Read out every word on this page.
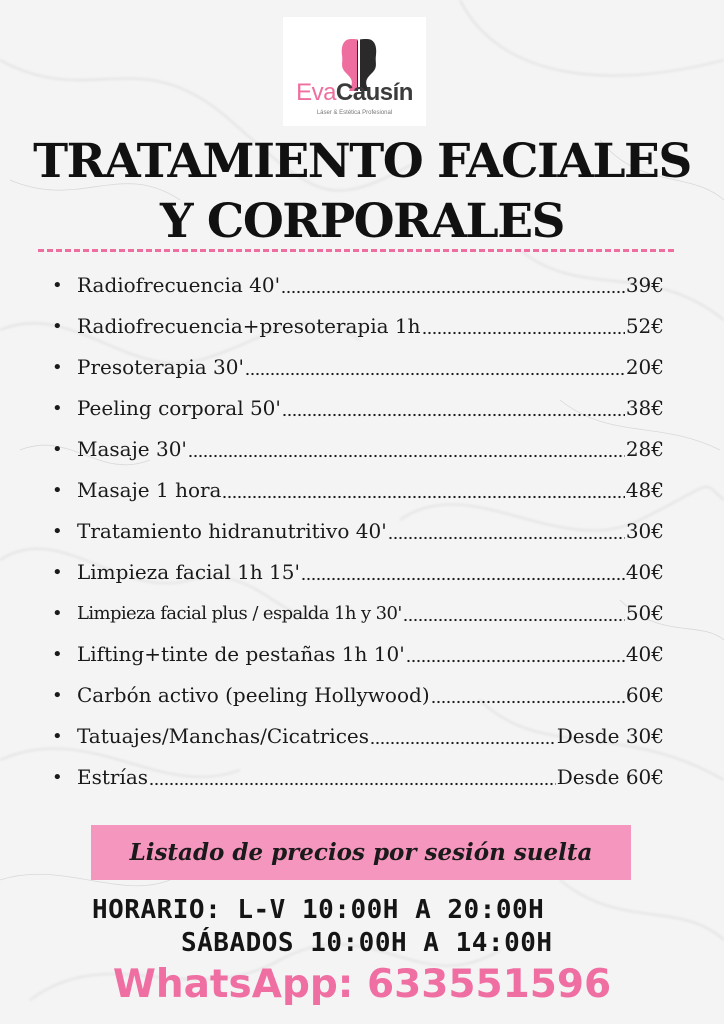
EvaCausín
Láser & Estética Profesional
TRATAMIENTO FACIALES
Y CORPORALES
• Radiofrecuencia 40'	39€
• Radiofrecuencia+presoterapia 1h	52€
• Presoterapia 30'	20€
• Peeling corporal 50'	38€
• Masaje 30'	28€
• Masaje 1 hora	48€
• Tratamiento hidranutritivo 40'	30€
• Limpieza facial 1h 15'	40€
• Limpieza facial plus / espalda 1h y 30'	50€
• Lifting+tinte de pestañas 1h 10'	40€
• Carbón activo (peeling Hollywood)	60€
• Tatuajes/Manchas/Cicatrices	Desde 30€
• Estrías	Desde 60€
Listado de precios por sesión suelta

HORARIO: L-V 10:00H A 20:00H

SÁBADOS 10:00H A 14:00H

WhatsApp: 633551596
